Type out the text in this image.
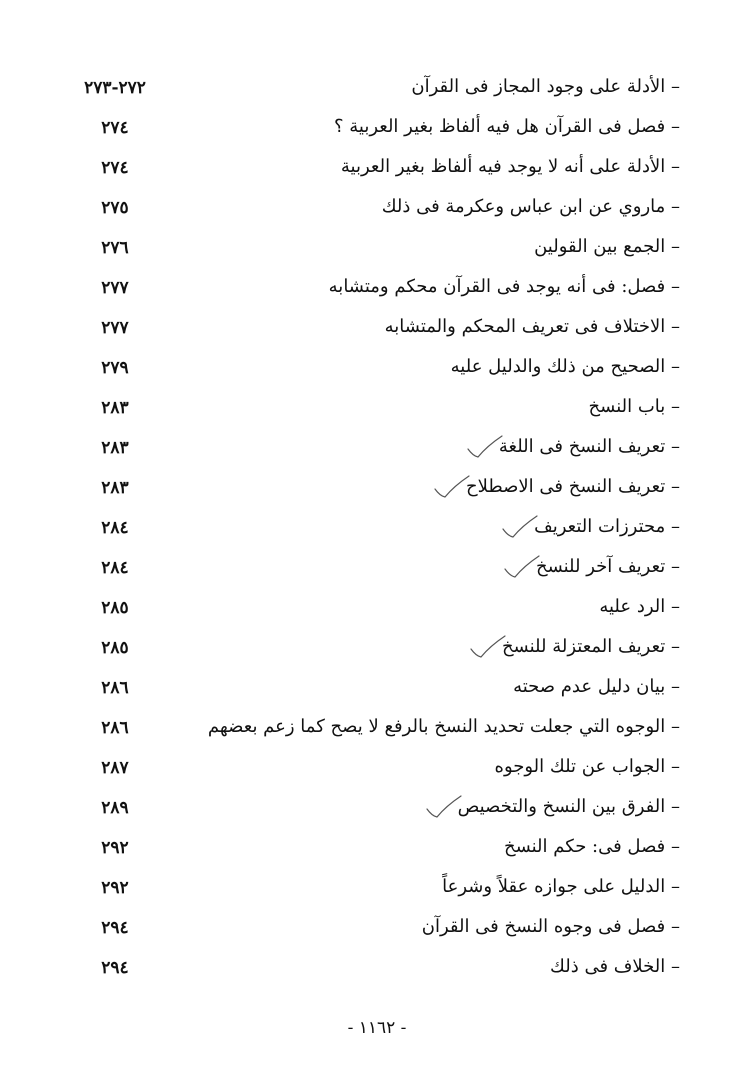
– الأدلة على وجود المجاز فى القرآن
٢٧٢-٢٧٣
– فصل فى القرآن هل فيه ألفاظ بغير العربية ؟
٢٧٤
– الأدلة على أنه لا يوجد فيه ألفاظ بغير العربية
٢٧٤
– ماروي عن ابن عباس وعكرمة فى ذلك
٢٧٥
– الجمع بين القولين
٢٧٦
– فصل: فى أنه يوجد فى القرآن محكم ومتشابه
٢٧٧
– الاختلاف فى تعريف المحكم والمتشابه
٢٧٧
– الصحيح من ذلك والدليل عليه
٢٧٩
– باب النسخ
٢٨٣
– تعريف النسخ فى اللغة
٢٨٣
– تعريف النسخ فى الاصطلاح
٢٨٣
– محترزات التعريف
٢٨٤
– تعريف آخر للنسخ
٢٨٤
– الرد عليه
٢٨٥
– تعريف المعتزلة للنسخ
٢٨٥
– بيان دليل عدم صحته
٢٨٦
– الوجوه التي جعلت تحديد النسخ بالرفع لا يصح كما زعم بعضهم
٢٨٦
– الجواب عن تلك الوجوه
٢٨٧
– الفرق بين النسخ والتخصيص
٢٨٩
– فصل فى: حكم النسخ
٢٩٢
– الدليل على جوازه عقلاً وشرعاً
٢٩٢
– فصل فى وجوه النسخ فى القرآن
٢٩٤
– الخلاف فى ذلك
٢٩٤
- ١١٦٢ -
